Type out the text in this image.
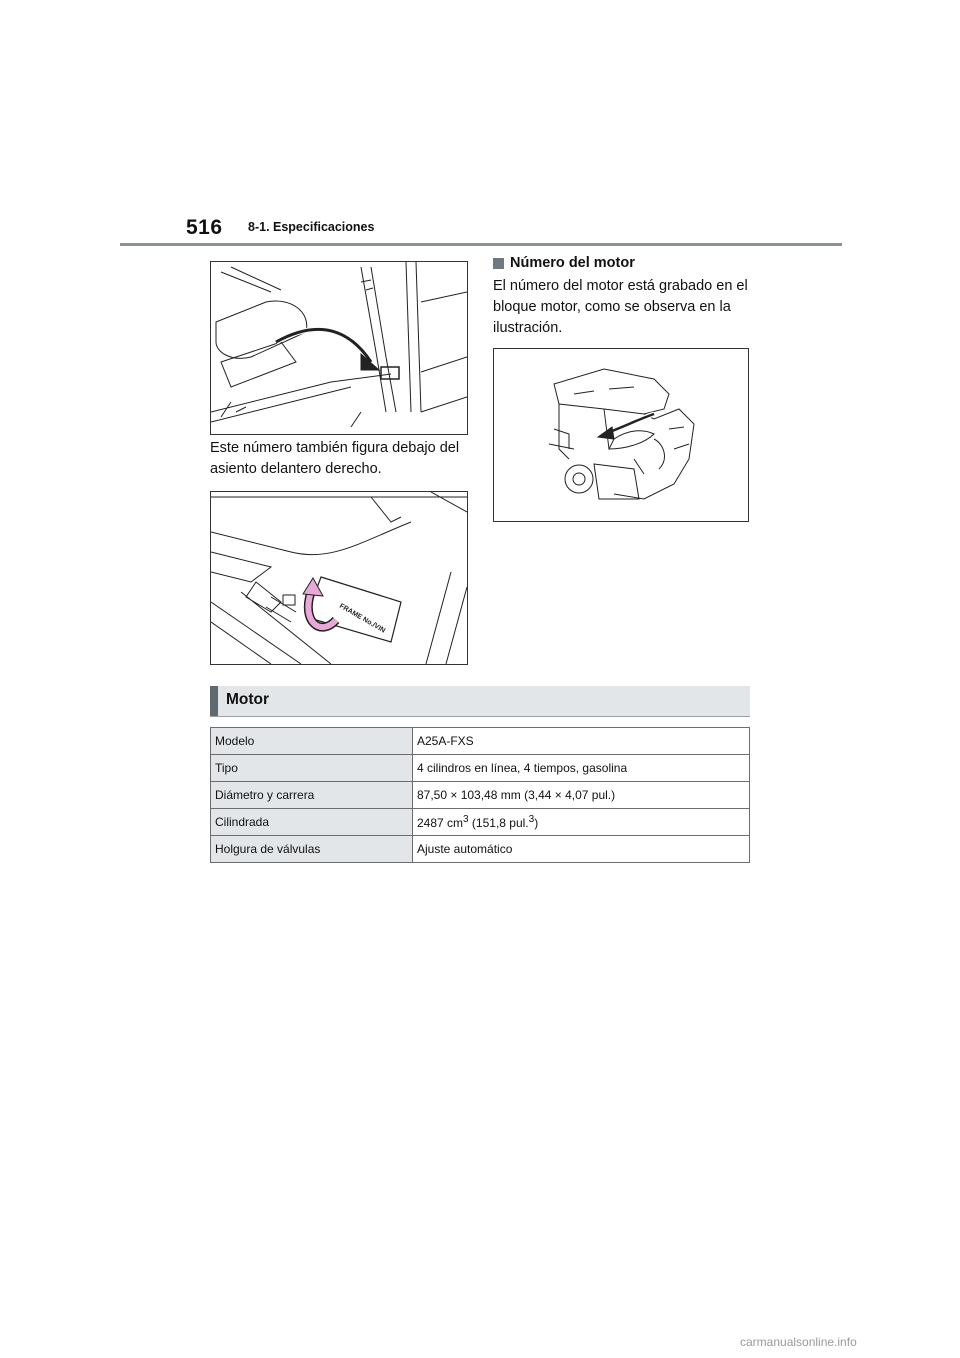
516 8-1. Especificaciones
Este número también figura debajo del asiento delantero derecho.
FRAME No./VIN
Número del motor
El número del motor está grabado en el bloque motor, como se observa en la ilustración.
Motor
Modelo	A25A-FXS
Tipo	4 cilindros en línea, 4 tiempos, gasolina
Diámetro y carrera	87,50 × 103,48 mm (3,44 × 4,07 pul.)
Cilindrada	2487 $cm^3$ (151,8 pul.$^3$)
Holgura de válvulas	Ajuste automático
carmanualsonline.info
